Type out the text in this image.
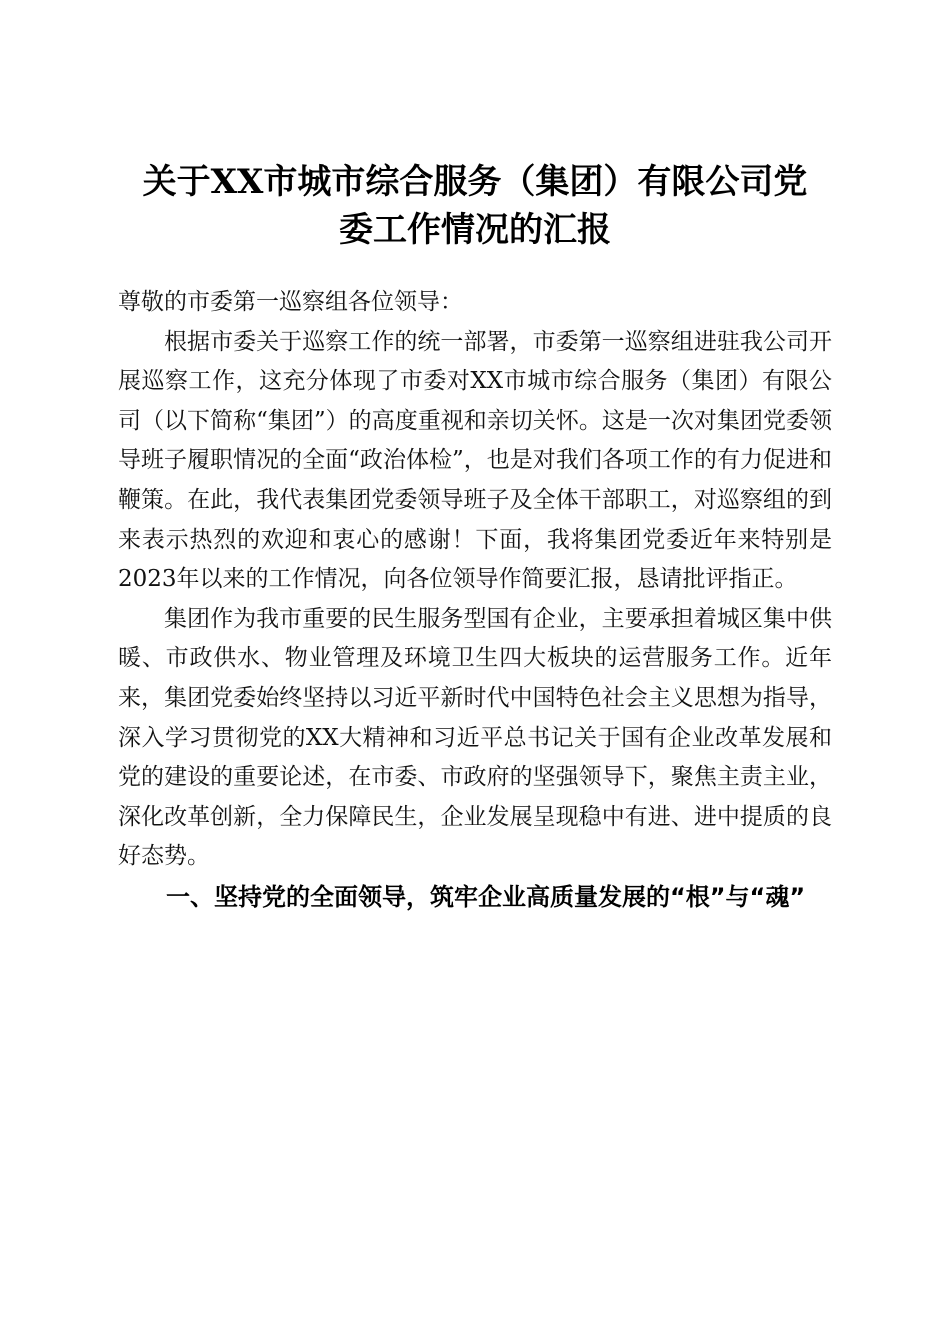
关于XX市城市综合服务（集团）有限公司党
委工作情况的汇报

尊敬的市委第一巡察组各位领导：

根据市委关于巡察工作的统一部署，市委第一巡察组进驻我公司开展巡察工作，这充分体现了市委对XX市城市综合服务（集团）有限公司（以下简称“集团”）的高度重视和亲切关怀。这是一次对集团党委领导班子履职情况的全面“政治体检”，也是对我们各项工作的有力促进和鞭策。在此，我代表集团党委领导班子及全体干部职工，对巡察组的到来表示热烈的欢迎和衷心的感谢！下面，我将集团党委近年来特别是2023年以来的工作情况，向各位领导作简要汇报，恳请批评指正。

集团作为我市重要的民生服务型国有企业，主要承担着城区集中供暖、市政供水、物业管理及环境卫生四大板块的运营服务工作。近年来，集团党委始终坚持以习近平新时代中国特色社会主义思想为指导，深入学习贯彻党的XX大精神和习近平总书记关于国有企业改革发展和党的建设的重要论述，在市委、市政府的坚强领导下，聚焦主责主业，深化改革创新，全力保障民生，企业发展呈现稳中有进、进中提质的良好态势。

一、坚持党的全面领导，筑牢企业高质量发展的“根”与“魂”
